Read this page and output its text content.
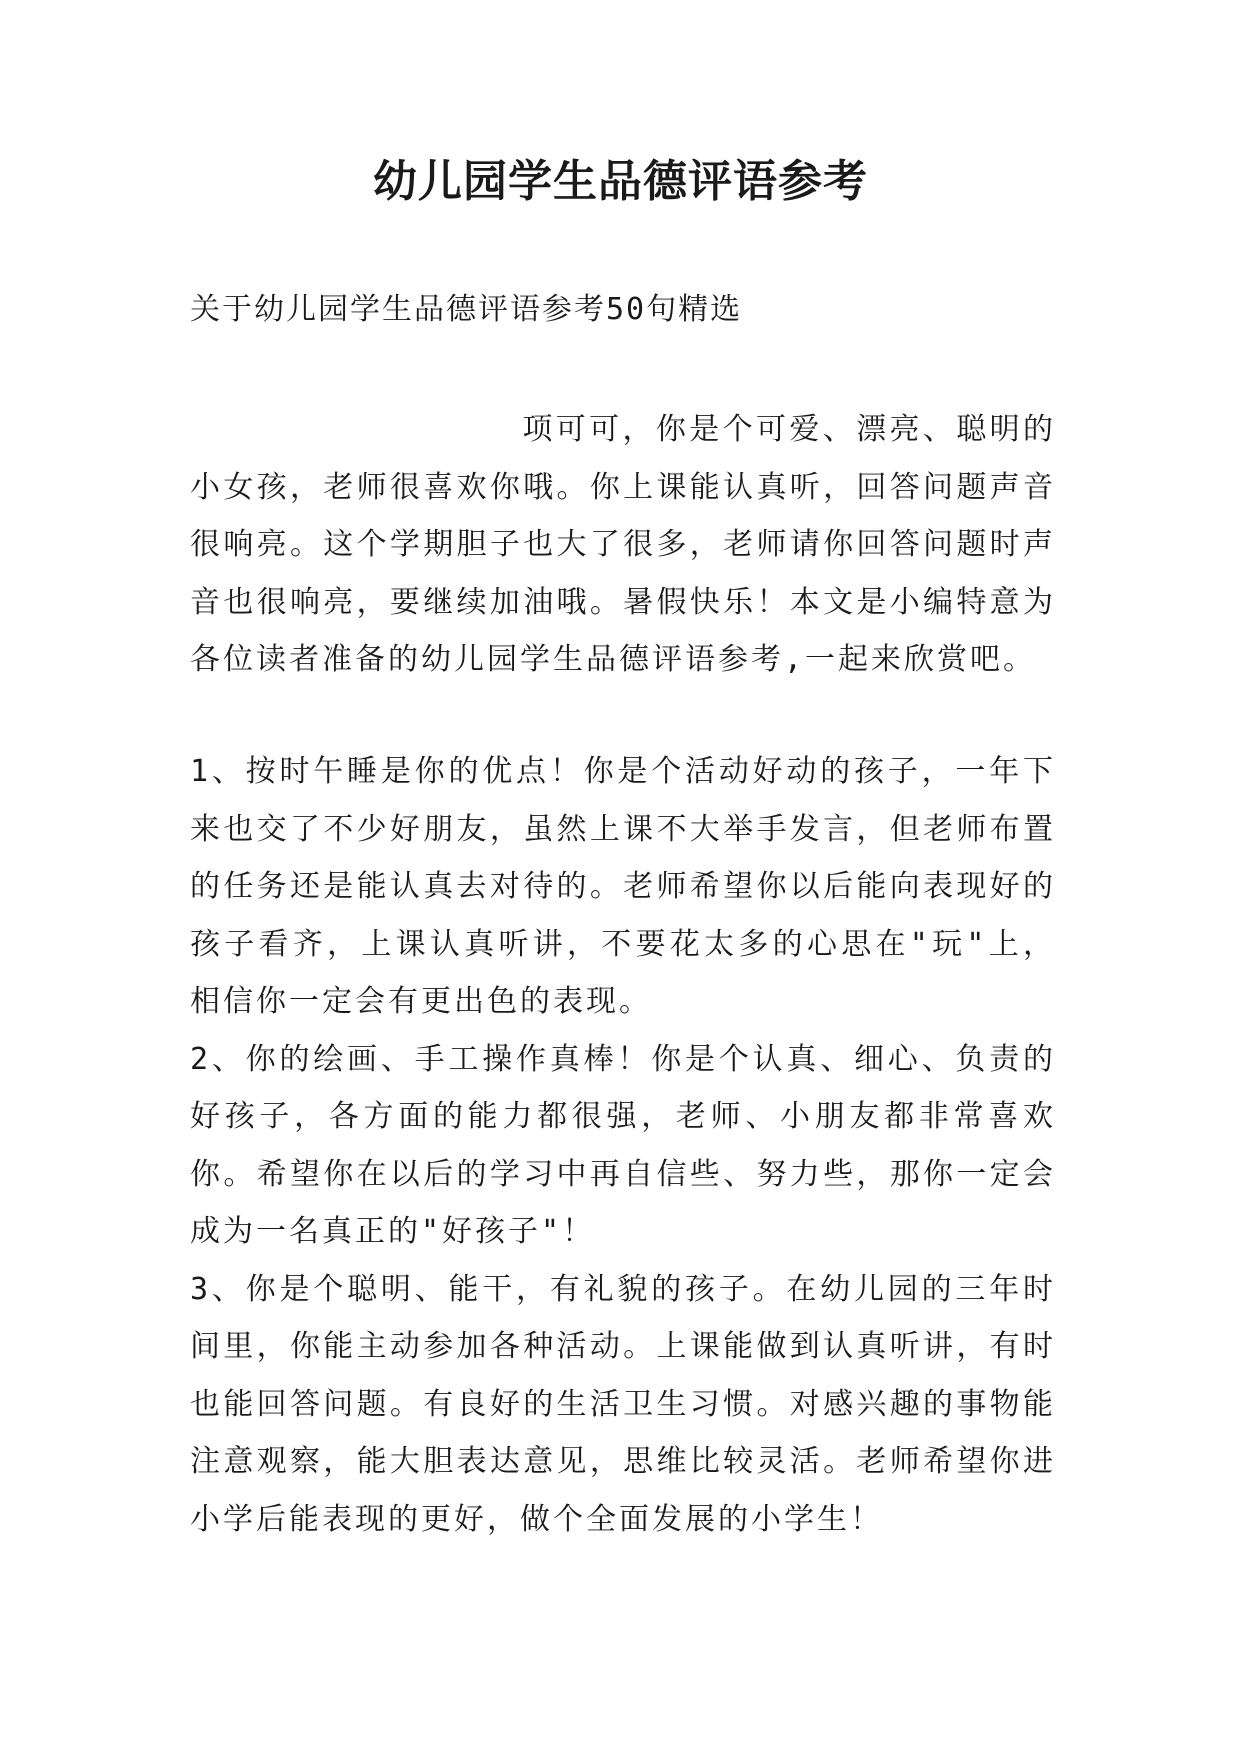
幼儿园学生品德评语参考
关于幼儿园学生品德评语参考50句精选
项可可，你是个可爱、漂亮、聪明的小女孩，老师很喜欢你哦。你上课能认真听，回答问题声音很响亮。这个学期胆子也大了很多，老师请你回答问题时声音也很响亮，要继续加油哦。暑假快乐！本文是小编特意为各位读者准备的幼儿园学生品德评语参考,一起来欣赏吧。

1、按时午睡是你的优点！你是个活动好动的孩子，一年下来也交了不少好朋友，虽然上课不大举手发言，但老师布置的任务还是能认真去对待的。老师希望你以后能向表现好的孩子看齐，上课认真听讲，不要花太多的心思在"玩"上，相信你一定会有更出色的表现。

2、你的绘画、手工操作真棒！你是个认真、细心、负责的好孩子，各方面的能力都很强，老师、小朋友都非常喜欢你。希望你在以后的学习中再自信些、努力些，那你一定会成为一名真正的"好孩子"！

3、你是个聪明、能干，有礼貌的孩子。在幼儿园的三年时间里，你能主动参加各种活动。上课能做到认真听讲，有时也能回答问题。有良好的生活卫生习惯。对感兴趣的事物能注意观察，能大胆表达意见，思维比较灵活。老师希望你进小学后能表现的更好，做个全面发展的小学生！
